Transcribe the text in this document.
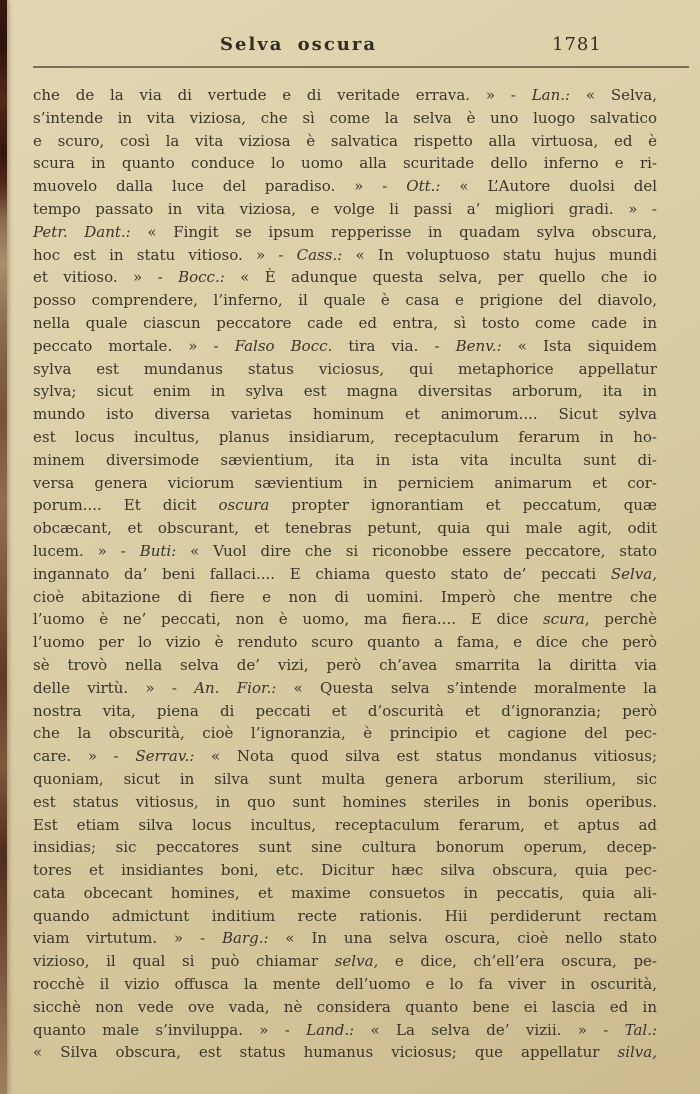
Selva oscura	1781
che de la via di vertude e di veritade errava. » - Lan.: « Selva,
s’intende in vita viziosa, che sì come la selva è uno luogo salvatico
e scuro, così la vita viziosa è salvatica rispetto alla virtuosa, ed è
scura in quanto conduce lo uomo alla scuritade dello inferno e ri-
muovelo dalla luce del paradiso. » - Ott.: « L’Autore duolsi del
tempo passato in vita viziosa, e volge li passi a’ migliori gradi. » -
Petr. Dant.: « Fingit se ipsum repperisse in quadam sylva obscura,
hoc est in statu vitioso. » - Cass.: « In voluptuoso statu hujus mundi
et vitioso. » - Bocc.: « È adunque questa selva, per quello che io
posso comprendere, l’inferno, il quale è casa e prigione del diavolo,
nella quale ciascun peccatore cade ed entra, sì tosto come cade in
peccato mortale. » - Falso Bocc. tira via. - Benv.: « Ista siquidem
sylva est mundanus status viciosus, qui metaphorice appellatur
sylva; sicut enim in sylva est magna diversitas arborum, ita in
mundo isto diversa varietas hominum et animorum.... Sicut sylva
est locus incultus, planus insidiarum, receptaculum ferarum in ho-
minem diversimode sævientium, ita in ista vita inculta sunt di-
versa genera viciorum sævientium in perniciem animarum et cor-
porum.... Et dicit oscura propter ignorantiam et peccatum, quæ
obcæcant, et obscurant, et tenebras petunt, quia qui male agit, odit
lucem. » - Buti: « Vuol dire che si riconobbe essere peccatore, stato
ingannato da’ beni fallaci.... E chiama questo stato de’ peccati Selva,
cioè abitazione di fiere e non di uomini. Imperò che mentre che
l’uomo è ne’ peccati, non è uomo, ma fiera.... E dice scura, perchè
l’uomo per lo vizio è renduto scuro quanto a fama, e dice che però
sè trovò nella selva de’ vizi, però ch’avea smarrita la diritta via
delle virtù. » - An. Fior.: « Questa selva s’intende moralmente la
nostra vita, piena di peccati et d’oscurità et d’ignoranzia; però
che la obscurità, cioè l’ignoranzia, è principio et cagione del pec-
care. » - Serrav.: « Nota quod silva est status mondanus vitiosus;
quoniam, sicut in silva sunt multa genera arborum sterilium, sic
est status vitiosus, in quo sunt homines steriles in bonis operibus.
Est etiam silva locus incultus, receptaculum ferarum, et aptus ad
insidias; sic peccatores sunt sine cultura bonorum operum, decep-
tores et insidiantes boni, etc. Dicitur hæc silva obscura, quia pec-
cata obcecant homines, et maxime consuetos in peccatis, quia ali-
quando admictunt inditium recte rationis. Hii perdiderunt rectam
viam virtutum. » - Barg.: « In una selva oscura, cioè nello stato
vizioso, il qual si può chiamar selva, e dice, ch’ell’era oscura, pe-
rocchè il vizio offusca la mente dell’uomo e lo fa viver in oscurità,
sicchè non vede ove vada, nè considera quanto bene ei lascia ed in
quanto male s’inviluppa. » - Land.: « La selva de’ vizii. » - Tal.:
« Silva obscura, est status humanus viciosus; que appellatur silva,
